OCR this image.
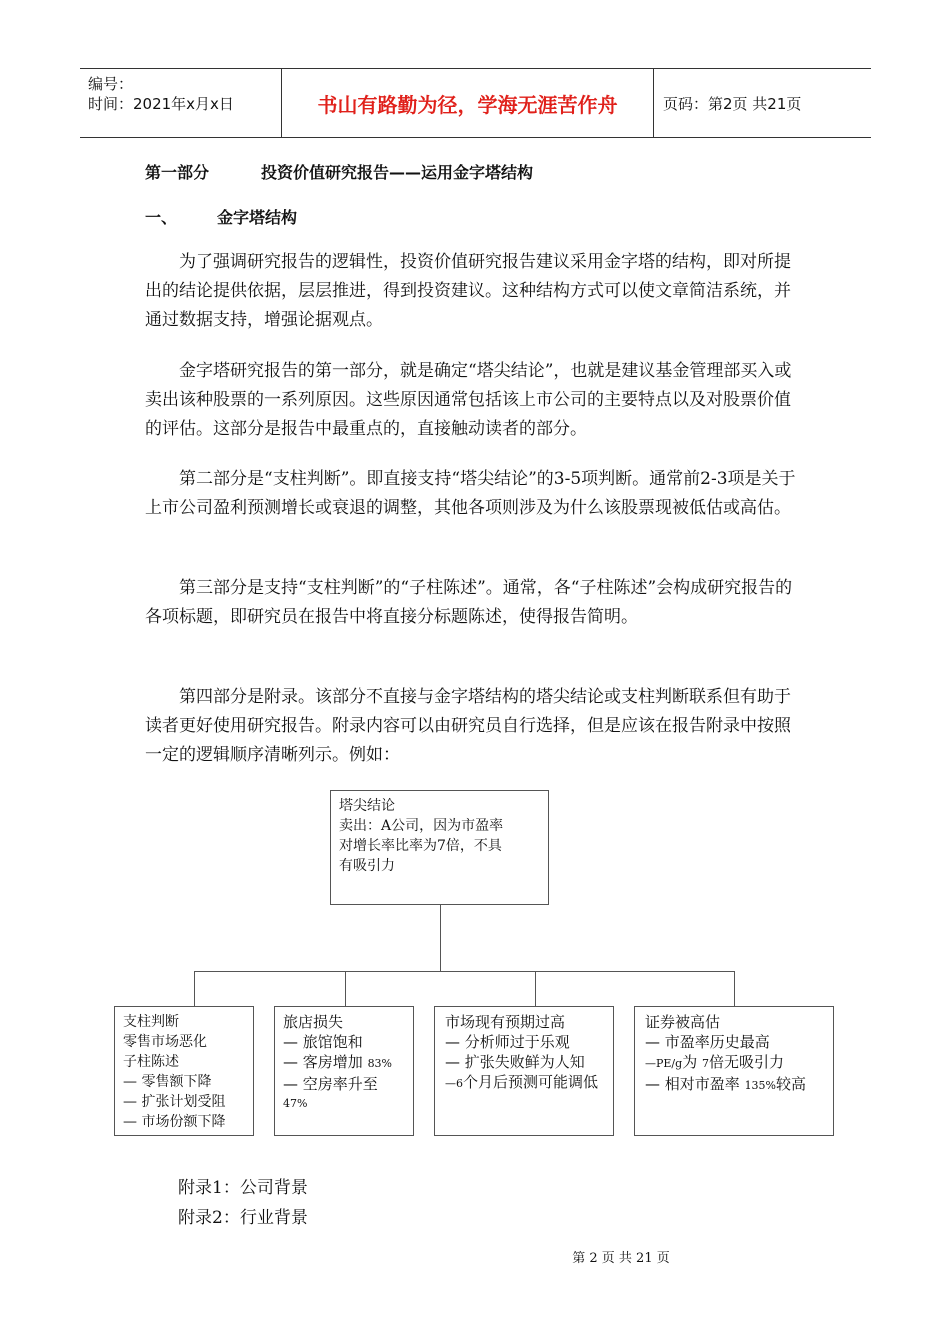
编号：
时间：2021年x月x日	书山有路勤为径，学海无涯苦作舟	页码：第2页 共21页
第一部分	投资价值研究报告——运用金字塔结构
一、	金字塔结构
为了强调研究报告的逻辑性，投资价值研究报告建议采用金字塔的结构，即对所提出的结论提供依据，层层推进，得到投资建议。这种结构方式可以使文章简洁系统，并通过数据支持，增强论据观点。
金字塔研究报告的第一部分，就是确定“塔尖结论”，也就是建议基金管理部买入或卖出该种股票的一系列原因。这些原因通常包括该上市公司的主要特点以及对股票价值的评估。这部分是报告中最重点的，直接触动读者的部分。
第二部分是“支柱判断”。即直接支持“塔尖结论”的3-5项判断。通常前2-3项是关于上市公司盈利预测增长或衰退的调整，其他各项则涉及为什么该股票现被低估或高估。
第三部分是支持“支柱判断”的“子柱陈述”。通常，各“子柱陈述”会构成研究报告的各项标题，即研究员在报告中将直接分标题陈述，使得报告简明。
第四部分是附录。该部分不直接与金字塔结构的塔尖结论或支柱判断联系但有助于读者更好使用研究报告。附录内容可以由研究员自行选择，但是应该在报告附录中按照一定的逻辑顺序清晰列示。例如：
塔尖结论
卖出：A公司，因为市盈率
对增长率比率为7倍，不具
有吸引力
支柱判断
零售市场恶化
子柱陈述
— 零售额下降
— 扩张计划受阻
— 市场份额下降
旅店损失
— 旅馆饱和
— 客房增加 83%
— 空房率升至
47%
市场现有预期过高
— 分析师过于乐观
— 扩张失败鲜为人知
—6个月后预测可能调低
证券被高估
— 市盈率历史最高
—PE/g为 7倍无吸引力
— 相对市盈率 135%较高
附录1：公司背景
附录2：行业背景
第 2 页 共 21 页
